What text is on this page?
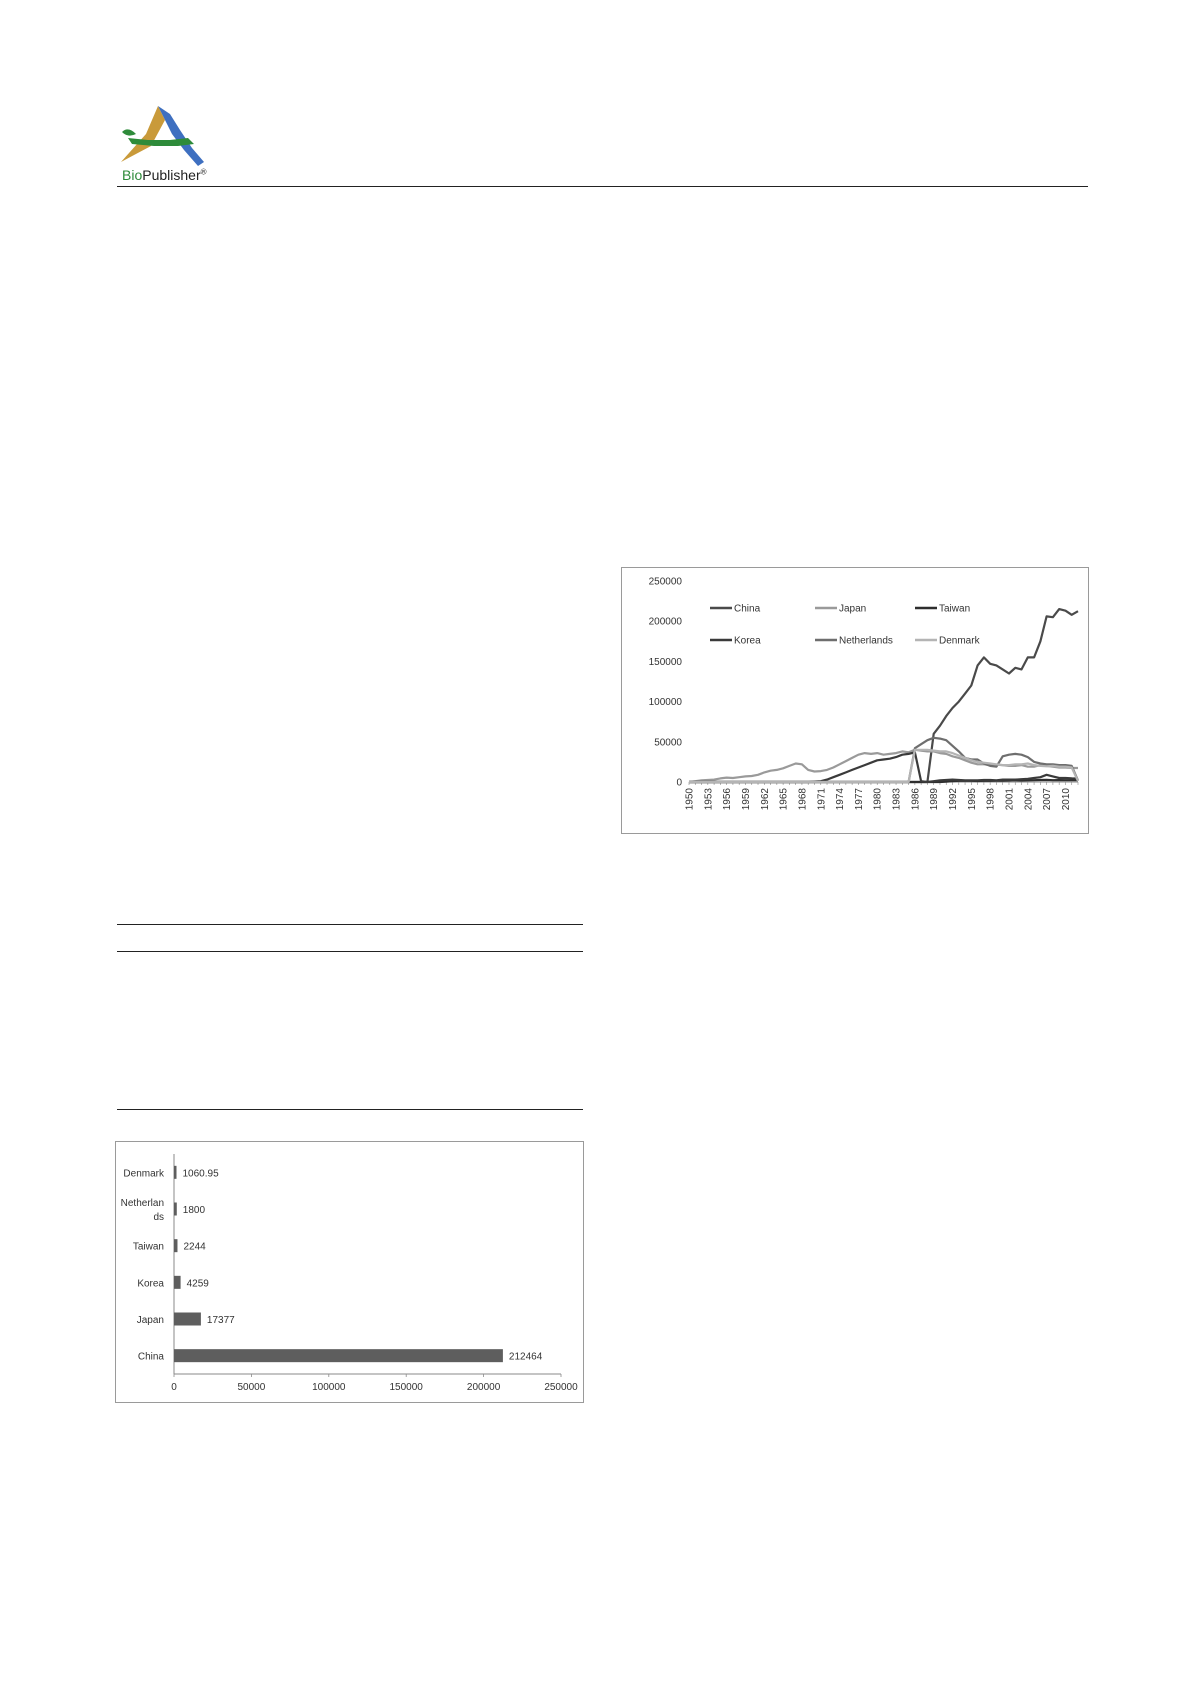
BioPublisher®
0
50000
100000
150000
200000
250000
1950 1953 1956 1959 1962 1965 1968 1971 1974 1977 1980 1983 1986 1989 1992 1995 1998 2001 2004 2007 2010
China	Japan	Taiwan
Korea	Netherlands	Denmark
0	50000	100000	150000	200000	250000
1060.95
Denmark
1800
Netherlan
ds
2244
Taiwan
4259
Korea
17377
Japan
212464
China
